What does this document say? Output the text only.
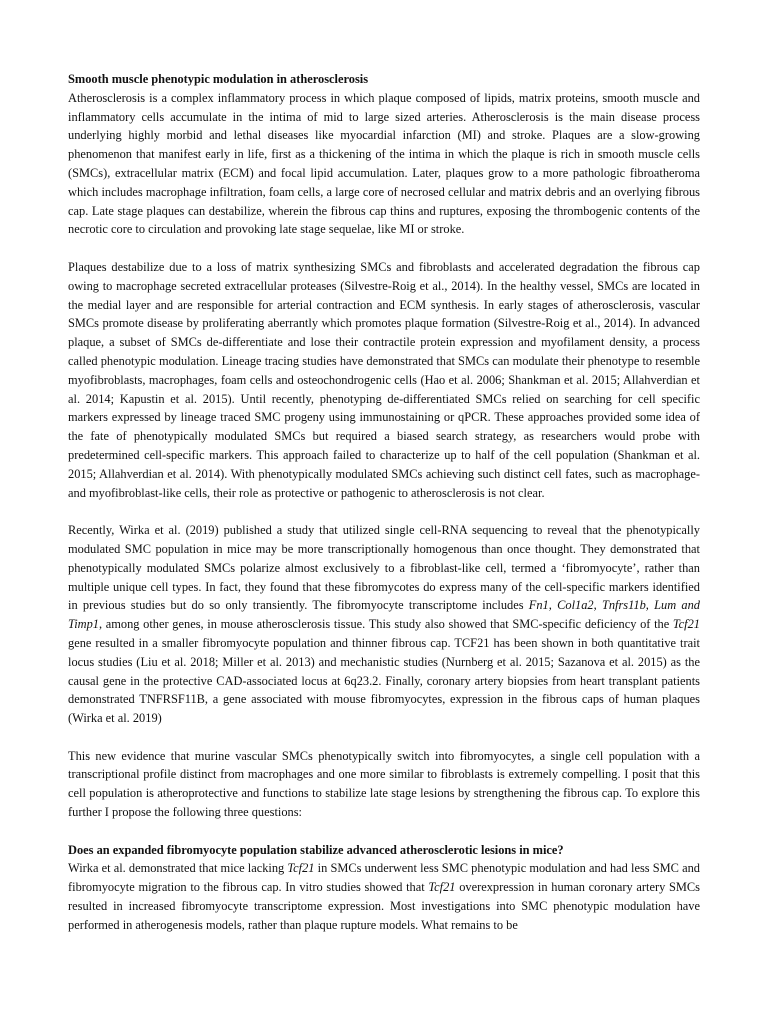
Smooth muscle phenotypic modulation in atherosclerosis

Atherosclerosis is a complex inflammatory process in which plaque composed of lipids, matrix proteins, smooth muscle and inflammatory cells accumulate in the intima of mid to large sized arteries. Atherosclerosis is the main disease process underlying highly morbid and lethal diseases like myocardial infarction (MI) and stroke. Plaques are a slow-growing phenomenon that manifest early in life, first as a thickening of the intima in which the plaque is rich in smooth muscle cells (SMCs), extracellular matrix (ECM) and focal lipid accumulation. Later, plaques grow to a more pathologic fibroatheroma which includes macrophage infiltration, foam cells, a large core of necrosed cellular and matrix debris and an overlying fibrous cap. Late stage plaques can destabilize, wherein the fibrous cap thins and ruptures, exposing the thrombogenic contents of the necrotic core to circulation and provoking late stage sequelae, like MI or stroke.

Plaques destabilize due to a loss of matrix synthesizing SMCs and fibroblasts and accelerated degradation the fibrous cap owing to macrophage secreted extracellular proteases (Silvestre-Roig et al., 2014). In the healthy vessel, SMCs are located in the medial layer and are responsible for arterial contraction and ECM synthesis. In early stages of atherosclerosis, vascular SMCs promote disease by proliferating aberrantly which promotes plaque formation (Silvestre-Roig et al., 2014). In advanced plaque, a subset of SMCs de-differentiate and lose their contractile protein expression and myofilament density, a process called phenotypic modulation. Lineage tracing studies have demonstrated that SMCs can modulate their phenotype to resemble myofibroblasts, macrophages, foam cells and osteochondrogenic cells (Hao et al. 2006; Shankman et al. 2015; Allahverdian et al. 2014; Kapustin et al. 2015). Until recently, phenotyping de-differentiated SMCs relied on searching for cell specific markers expressed by lineage traced SMC progeny using immunostaining or qPCR. These approaches provided some idea of the fate of phenotypically modulated SMCs but required a biased search strategy, as researchers would probe with predetermined cell-specific markers. This approach failed to characterize up to half of the cell population (Shankman et al. 2015; Allahverdian et al. 2014). With phenotypically modulated SMCs achieving such distinct cell fates, such as macrophage- and myofibroblast-like cells, their role as protective or pathogenic to atherosclerosis is not clear.

Recently, Wirka et al. (2019) published a study that utilized single cell-RNA sequencing to reveal that the phenotypically modulated SMC population in mice may be more transcriptionally homogenous than once thought. They demonstrated that phenotypically modulated SMCs polarize almost exclusively to a fibroblast-like cell, termed a ‘fibromyocyte’, rather than multiple unique cell types. In fact, they found that these fibromycotes do express many of the cell-specific markers identified in previous studies but do so only transiently. The fibromyocyte transcriptome includes Fn1, Col1a2, Tnfrs11b, Lum and Timp1, among other genes, in mouse atherosclerosis tissue. This study also showed that SMC-specific deficiency of the Tcf21 gene resulted in a smaller fibromyocyte population and thinner fibrous cap. TCF21 has been shown in both quantitative trait locus studies (Liu et al. 2018; Miller et al. 2013) and mechanistic studies (Nurnberg et al. 2015; Sazanova et al. 2015) as the causal gene in the protective CAD-associated locus at 6q23.2. Finally, coronary artery biopsies from heart transplant patients demonstrated TNFRSF11B, a gene associated with mouse fibromyocytes, expression in the fibrous caps of human plaques (Wirka et al. 2019)

This new evidence that murine vascular SMCs phenotypically switch into fibromyocytes, a single cell population with a transcriptional profile distinct from macrophages and one more similar to fibroblasts is extremely compelling. I posit that this cell population is atheroprotective and functions to stabilize late stage lesions by strengthening the fibrous cap. To explore this further I propose the following three questions:

Does an expanded fibromyocyte population stabilize advanced atherosclerotic lesions in mice?

Wirka et al. demonstrated that mice lacking Tcf21 in SMCs underwent less SMC phenotypic modulation and had less SMC and fibromyocyte migration to the fibrous cap. In vitro studies showed that Tcf21 overexpression in human coronary artery SMCs resulted in increased fibromyocyte transcriptome expression. Most investigations into SMC phenotypic modulation have performed in atherogenesis models, rather than plaque rupture models. What remains to be
